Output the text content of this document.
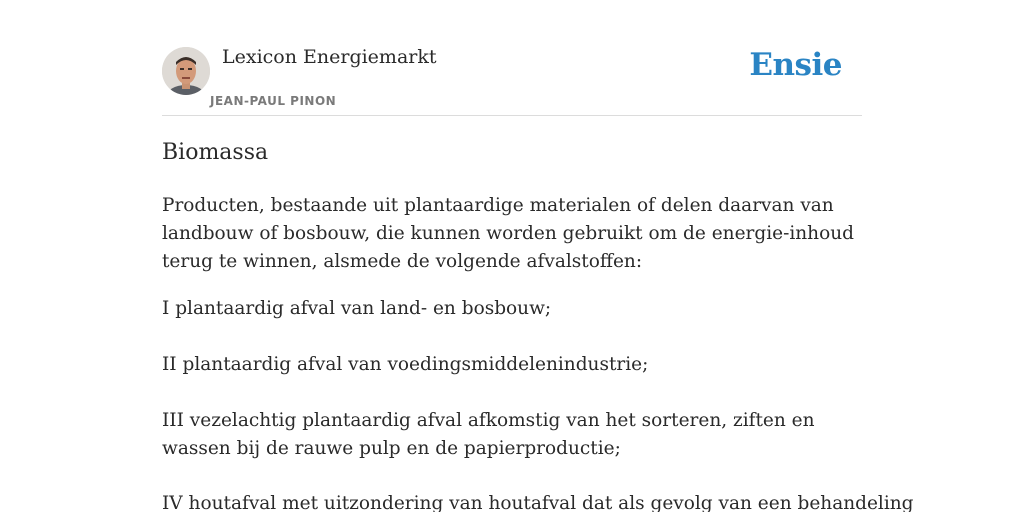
Lexicon Energiemarkt
JEAN-PAUL PINON
Ensie
Biomassa

Producten, bestaande uit plantaardige materialen of delen daarvan van landbouw of bosbouw, die kunnen worden gebruikt om de energie-inhoud terug te winnen, alsmede de volgende afvalstoffen:

I plantaardig afval van land- en bosbouw;

II plantaardig afval van voedingsmiddelenindustrie;

III vezelachtig plantaardig afval afkomstig van het sorteren, ziften en wassen bij de rauwe pulp en de papierproductie;

IV houtafval met uitzondering van houtafval dat als gevolg van een behandeling
